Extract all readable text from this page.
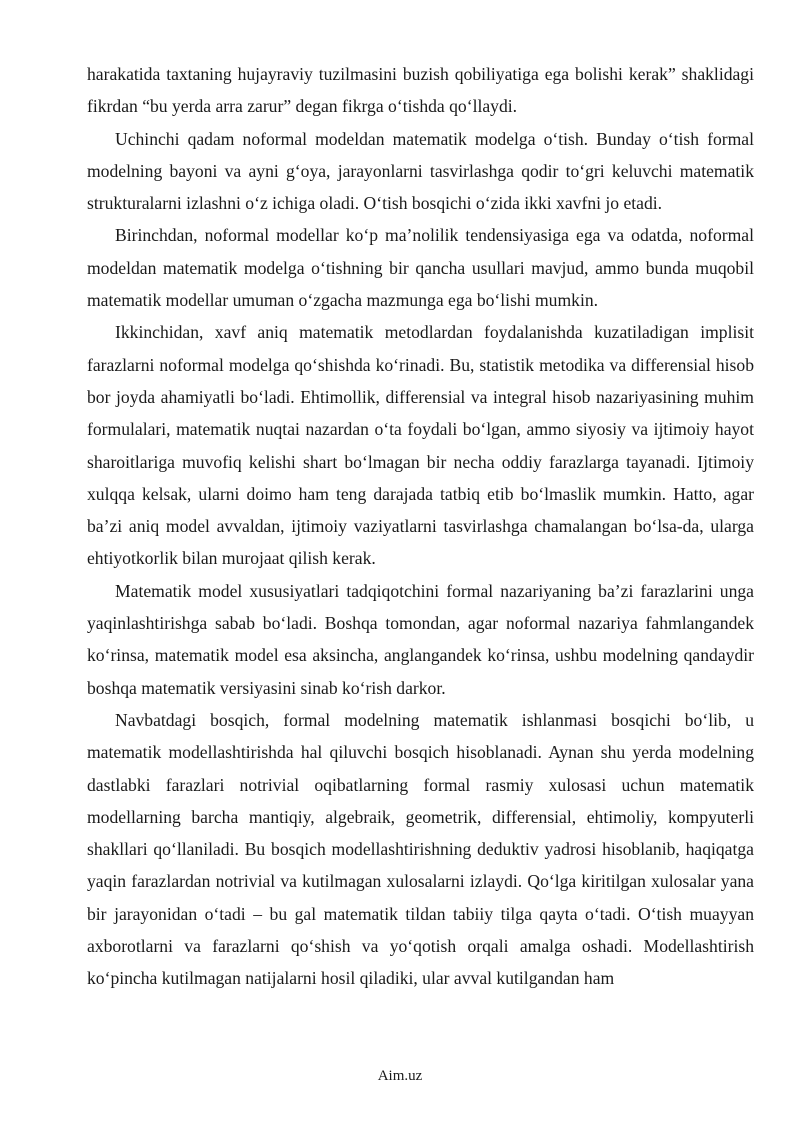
harakatida taxtaning hujayraviy tuzilmasini buzish qobiliyatiga ega bolishi kerak” shaklidagi fikrdan “bu yerda arra zarur” degan fikrga o‘tishda qo‘llaydi.

Uchinchi qadam noformal modeldan matematik modelga o‘tish. Bunday o‘tish formal modelning bayoni va ayni g‘oya, jarayonlarni tasvirlashga qodir to‘gri keluvchi matematik strukturalarni izlashni o‘z ichiga oladi. O‘tish bosqichi o‘zida ikki xavfni jo etadi.

Birinchdan, noformal modellar ko‘p ma’nolilik tendensiyasiga ega va odatda, noformal modeldan matematik modelga o‘tishning bir qancha usullari mavjud, ammo bunda muqobil matematik modellar umuman o‘zgacha mazmunga ega bo‘lishi mumkin.

Ikkinchidan, xavf aniq matematik metodlardan foydalanishda kuzatiladigan implisit farazlarni noformal modelga qo‘shishda ko‘rinadi. Bu, statistik metodika va differensial hisob bor joyda ahamiyatli bo‘ladi. Ehtimollik, differensial va integral hisob nazariyasining muhim formulalari, matematik nuqtai nazardan o‘ta foydali bo‘lgan, ammo siyosiy va ijtimoiy hayot sharoitlariga muvofiq kelishi shart bo‘lmagan bir necha oddiy farazlarga tayanadi. Ijtimoiy xulqqa kelsak, ularni doimo ham teng darajada tatbiq etib bo‘lmaslik mumkin. Hatto, agar ba’zi aniq model avvaldan, ijtimoiy vaziyatlarni tasvirlashga chamalangan bo‘lsa-da, ularga ehtiyotkorlik bilan murojaat qilish kerak.

Matematik model xususiyatlari tadqiqotchini formal nazariyaning ba’zi farazlarini unga yaqinlashtirishga sabab bo‘ladi. Boshqa tomondan, agar noformal nazariya fahmlangandek ko‘rinsa, matematik model esa aksincha, anglangandek ko‘rinsa, ushbu modelning qandaydir boshqa matematik versiyasini sinab ko‘rish darkor.

Navbatdagi bosqich, formal modelning matematik ishlanmasi bosqichi bo‘lib, u matematik modellashtirishda hal qiluvchi bosqich hisoblanadi. Aynan shu yerda modelning dastlabki farazlari notrivial oqibatlarning formal rasmiy xulosasi uchun matematik modellarning barcha mantiqiy, algebraik, geometrik, differensial, ehtimoliy, kompyuterli shakllari qo‘llaniladi. Bu bosqich modellashtirishning deduktiv yadrosi hisoblanib, haqiqatga yaqin farazlardan notrivial va kutilmagan xulosalarni izlaydi. Qo‘lga kiritilgan xulosalar yana bir jarayonidan o‘tadi – bu gal matematik tildan tabiiy tilga qayta o‘tadi. O‘tish muayyan axborotlarni va farazlarni qo‘shish va yo‘qotish orqali amalga oshadi. Modellashtirish ko‘pincha kutilmagan natijalarni hosil qiladiki, ular avval kutilgandan ham

Aim.uz
